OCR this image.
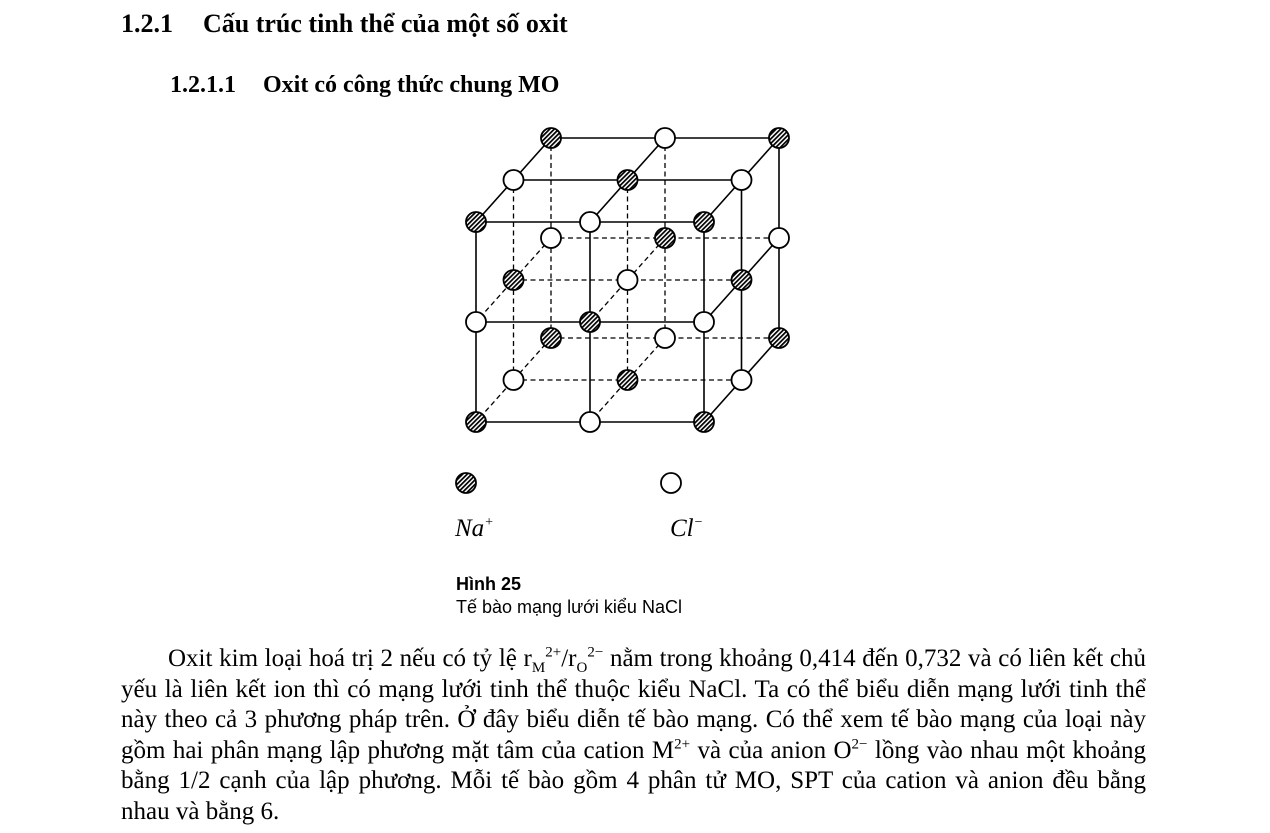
1.2.1 Cấu trúc tinh thể của một số oxit
1.2.1.1 Oxit có công thức chung MO
Na+	Cl−
Hình 25
Tế bào mạng lưới kiểu NaCl
Oxit kim loại hoá trị 2 nếu có tỷ lệ $r_M^{2+}/r_O^{2-}$ nằm trong khoảng 0,414 đến 0,732 và có liên kết chủ yếu là liên kết ion thì có mạng lưới tinh thể thuộc kiểu NaCl. Ta có thể biểu diễn mạng lưới tinh thể này theo cả 3 phương pháp trên. Ở đây biểu diễn tế bào mạng. Có thể xem tế bào mạng của loại này gồm hai phân mạng lập phương mặt tâm của cation $M^{2+}$ và của anion $O^{2-}$ lồng vào nhau một khoảng bằng 1/2 cạnh của lập phương. Mỗi tế bào gồm 4 phân tử MO, SPT của cation và anion đều bằng nhau và bằng 6.
